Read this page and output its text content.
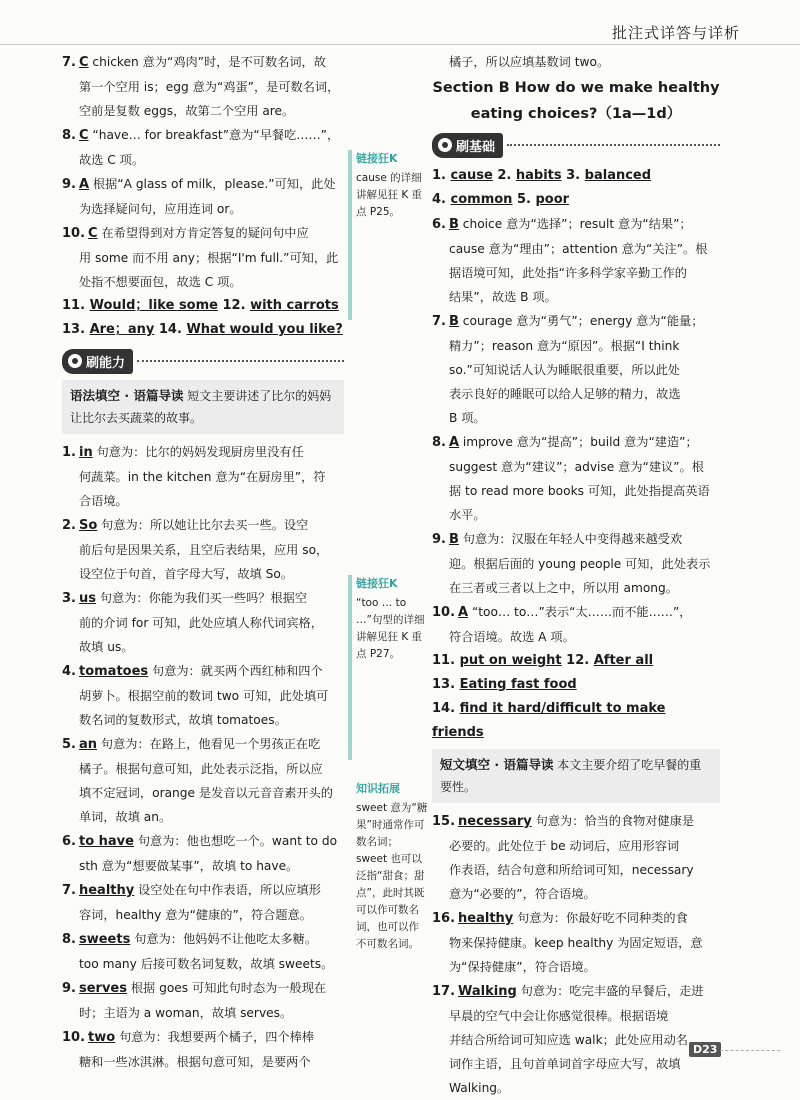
批注式详答与详析
7. C chicken 意为“鸡肉”时，是不可数名词，故
第一个空用 is；egg 意为“鸡蛋”，是可数名词，
空前是复数 eggs，故第二个空用 are。
8. C “have… for breakfast”意为“早餐吃……”，
故选 C 项。
9. A 根据“A glass of milk，please.”可知，此处
为选择疑问句，应用连词 or。
10. C 在希望得到对方肯定答复的疑问句中应
用 some 而不用 any；根据“I'm full.”可知，此
处指不想要面包，故选 C 项。
11. Would；like some 12. with carrots
13. Are；any 14. What would you like?
刷能力
语法填空 · 语篇导读 短文主要讲述了比尔的妈妈让比尔去买蔬菜的故事。
1. in 句意为：比尔的妈妈发现厨房里没有任
何蔬菜。in the kitchen 意为“在厨房里”，符
合语境。
2. So 句意为：所以她让比尔去买一些。设空
前后句是因果关系，且空后表结果，应用 so，
设空位于句首，首字母大写，故填 So。
3. us 句意为：你能为我们买一些吗？根据空
前的介词 for 可知，此处应填人称代词宾格，
故填 us。
4. tomatoes 句意为：就买两个西红柿和四个
胡萝卜。根据空前的数词 two 可知，此处填可
数名词的复数形式，故填 tomatoes。
5. an 句意为：在路上，他看见一个男孩正在吃
橘子。根据句意可知，此处表示泛指，所以应
填不定冠词，orange 是发音以元音音素开头的
单词，故填 an。
6. to have 句意为：他也想吃一个。want to do
sth 意为“想要做某事”，故填 to have。
7. healthy 设空处在句中作表语，所以应填形
容词，healthy 意为“健康的”，符合题意。
8. sweets 句意为：他妈妈不让他吃太多糖。
too many 后接可数名词复数，故填 sweets。
9. serves 根据 goes 可知此句时态为一般现在
时；主语为 a woman，故填 serves。
10. two 句意为：我想要两个橘子，四个棒棒
糖和一些冰淇淋。根据句意可知，是要两个
链接狂K
cause 的详细讲解见狂 K 重点 P25。
链接狂K
“too … to …”句型的详细讲解见狂 K 重点 P27。
知识拓展
sweet 意为“糖果”时通常作可数名词；sweet 也可以泛指“甜食；甜点”，此时其既可以作可数名词，也可以作不可数名词。
橘子，所以应填基数词 two。
Section B How do we make healthy
eating choices?（1a—1d）
刷基础
1. cause 2. habits 3. balanced
4. common 5. poor
6. B choice 意为“选择”；result 意为“结果”；
cause 意为“理由”；attention 意为“关注”。根
据语境可知，此处指“许多科学家辛勤工作的
结果”，故选 B 项。
7. B courage 意为“勇气”；energy 意为“能量；
精力”；reason 意为“原因”。根据“I think
so.”可知说话人认为睡眠很重要，所以此处
表示良好的睡眠可以给人足够的精力，故选
B 项。
8. A improve 意为“提高”；build 意为“建造”；
suggest 意为“建议”；advise 意为“建议”。根
据 to read more books 可知，此处指提高英语
水平。
9. B 句意为：汉服在年轻人中变得越来越受欢
迎。根据后面的 young people 可知，此处表示
在三者或三者以上之中，所以用 among。
10. A “too… to…”表示“太……而不能……”，
符合语境。故选 A 项。
11. put on weight 12. After all
13. Eating fast food
14. find it hard/difficult to make friends
短文填空 · 语篇导读 本文主要介绍了吃早餐的重要性。
15. necessary 句意为：恰当的食物对健康是
必要的。此处位于 be 动词后，应用形容词
作表语，结合句意和所给词可知，necessary
意为“必要的”，符合语境。
16. healthy 句意为：你最好吃不同种类的食
物来保持健康。keep healthy 为固定短语，意
为“保持健康”，符合语境。
17. Walking 句意为：吃完丰盛的早餐后，走进
早晨的空气中会让你感觉很棒。根据语境
并结合所给词可知应选 walk；此处应用动名
词作主语，且句首单词首字母应大写，故填
Walking。
D23
